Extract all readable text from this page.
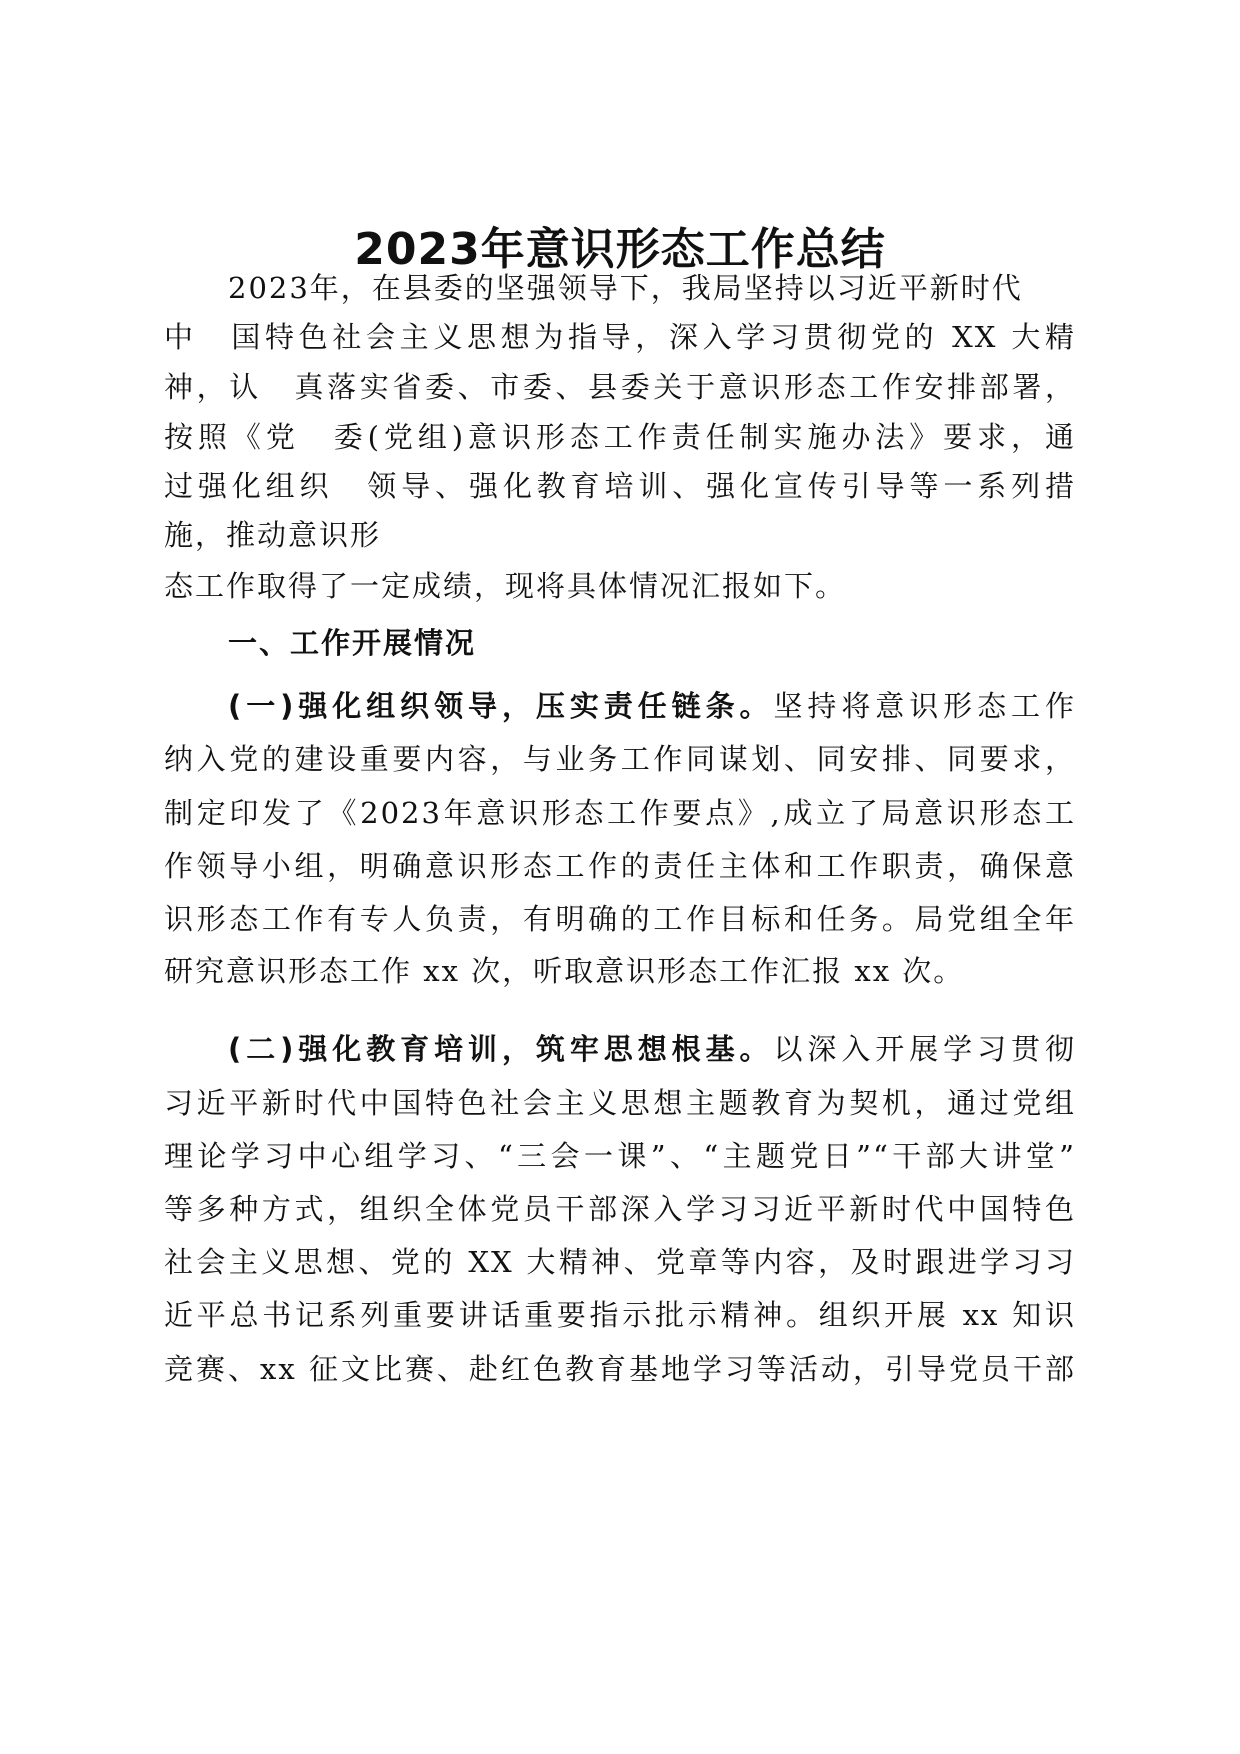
2023年意识形态工作总结
2023年，在县委的坚强领导下，我局坚持以习近平新时代
中　国特色社会主义思想为指导，深入学习贯彻党的 XX 大精
神，认　真落实省委、市委、县委关于意识形态工作安排部署，
按照《党　委(党组)意识形态工作责任制实施办法》要求，通
过强化组织　领导、强化教育培训、强化宣传引导等一系列措
施，推动意识形
态工作取得了一定成绩，现将具体情况汇报如下。
一、工作开展情况
(一)强化组织领导，压实责任链条。坚持将意识形态工作
纳入党的建设重要内容，与业务工作同谋划、同安排、同要求，
制定印发了《2023年意识形态工作要点》,成立了局意识形态工
作领导小组，明确意识形态工作的责任主体和工作职责，确保意
识形态工作有专人负责，有明确的工作目标和任务。局党组全年
研究意识形态工作 xx 次，听取意识形态工作汇报 xx 次。
(二)强化教育培训，筑牢思想根基。以深入开展学习贯彻
习近平新时代中国特色社会主义思想主题教育为契机，通过党组
理论学习中心组学习、“三会一课”、“主题党日”“干部大讲堂”
等多种方式，组织全体党员干部深入学习习近平新时代中国特色
社会主义思想、党的 XX 大精神、党章等内容，及时跟进学习习
近平总书记系列重要讲话重要指示批示精神。组织开展 xx 知识
竞赛、xx 征文比赛、赴红色教育基地学习等活动，引导党员干部
